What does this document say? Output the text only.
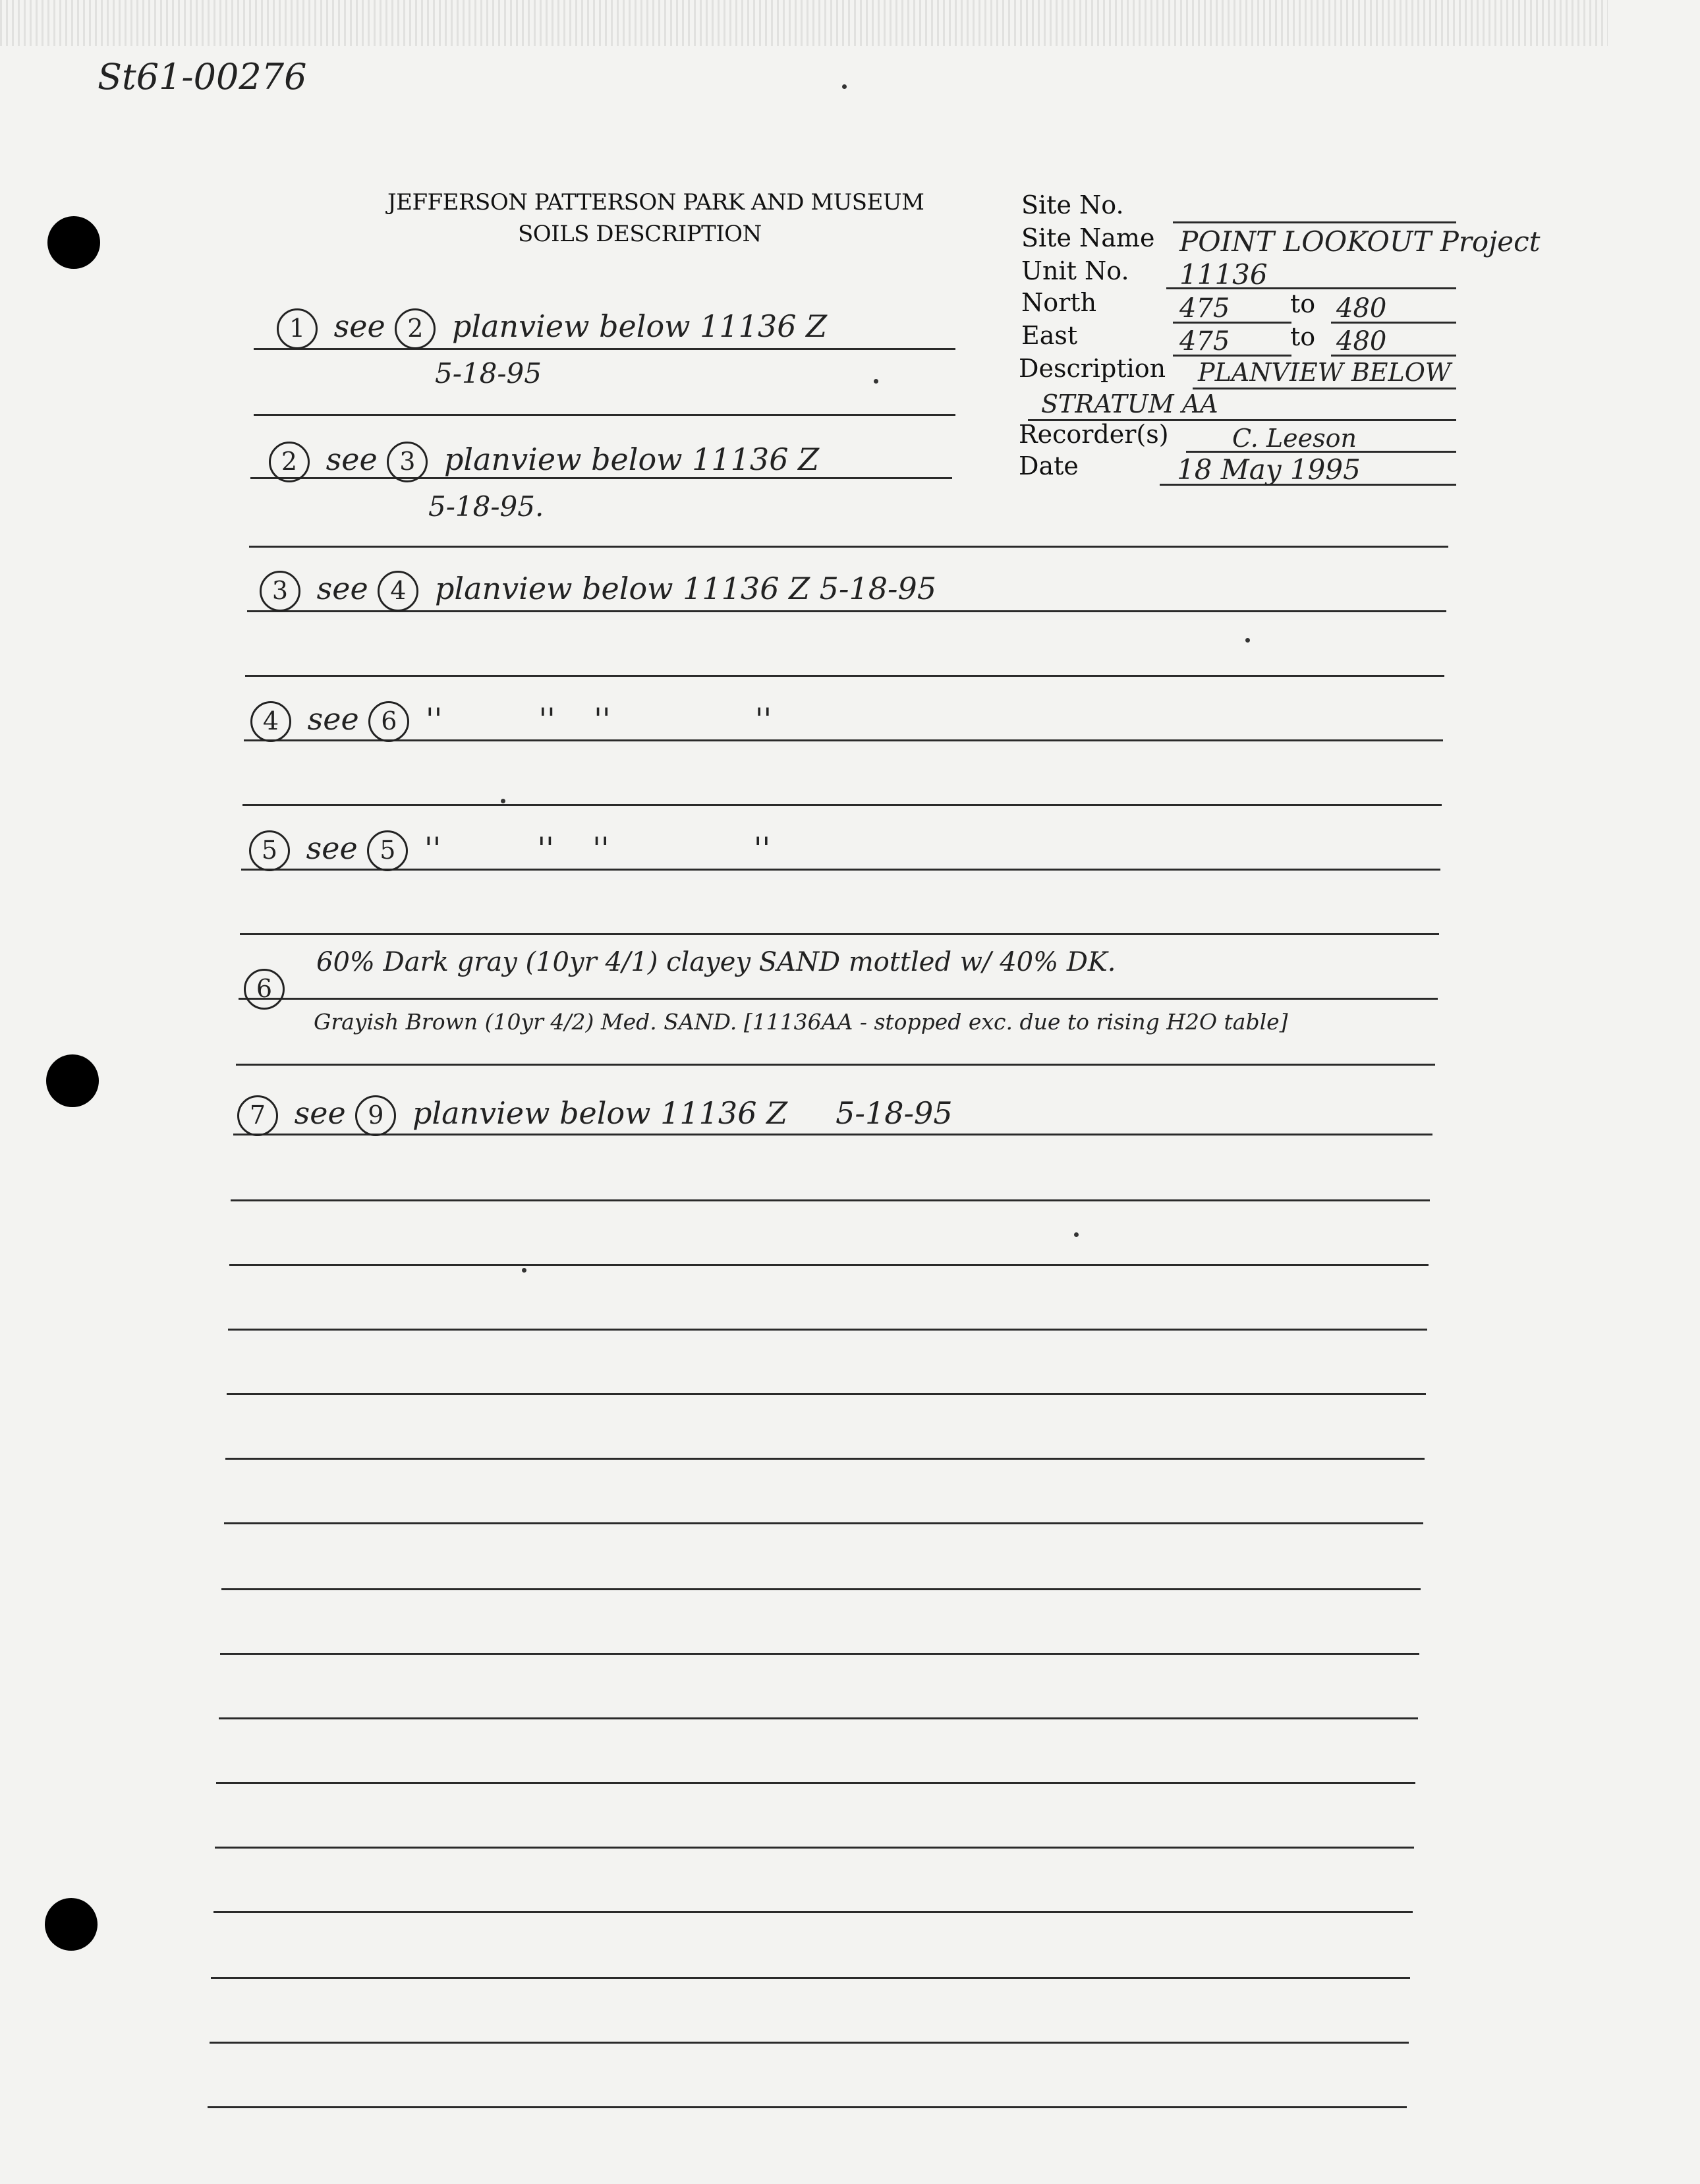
St61-00276
JEFFERSON PATTERSON PARK AND MUSEUM
SOILS DESCRIPTION
Site No.
Site Name POINT LOOKOUT Project
Unit No. 11136
North	475 to 480
East	475 to 480
Description PLANVIEW BELOW
STRATUM AA
Recorder(s)	C. Leeson
Date	18 May 1995
1 see 2 planview below 11136 Z
5-18-95
2 see 3 planview below 11136 Z
5-18-95.
3 see 4 planview below 11136 Z 5-18-95
4 see 6 ''          ''    ''               ''
5 see 5 ''          ''    ''               ''
6
60% Dark gray (10yr 4/1) clayey SAND mottled w/ 40% DK.
Grayish Brown (10yr 4/2) Med. SAND. [11136AA - stopped exc. due to rising H2O table]
7 see 9 planview below 11136 Z     5-18-95
